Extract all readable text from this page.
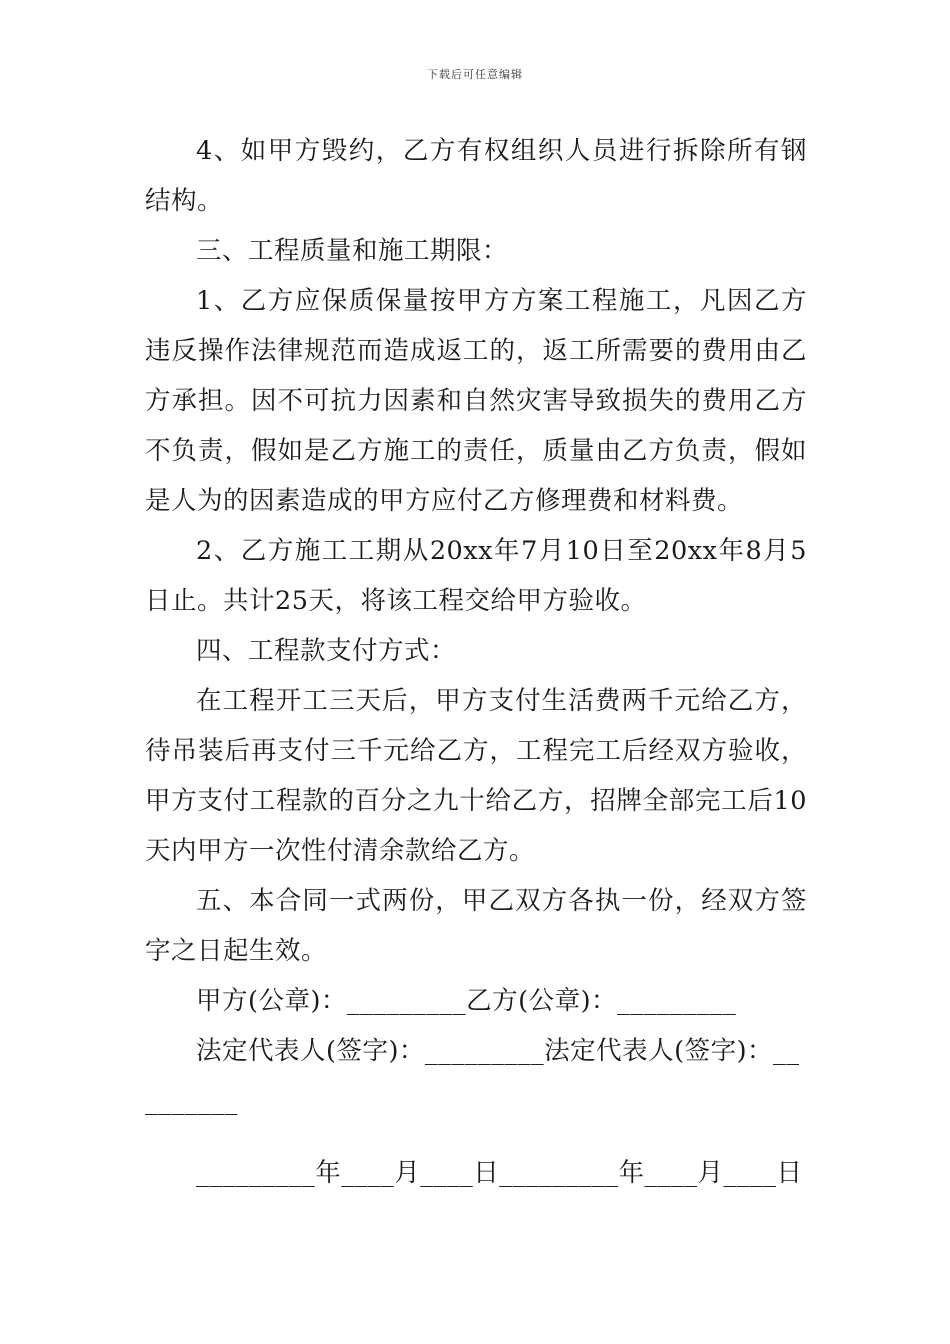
下载后可任意编辑

4、如甲方毁约，乙方有权组织人员进行拆除所有钢结构。

三、工程质量和施工期限：

1、乙方应保质保量按甲方方案工程施工，凡因乙方违反操作法律规范而造成返工的，返工所需要的费用由乙方承担。因不可抗力因素和自然灾害导致损失的费用乙方不负责，假如是乙方施工的责任，质量由乙方负责，假如是人为的因素造成的甲方应付乙方修理费和材料费。

2、乙方施工工期从20xx年7月10日至20xx年8月5日止。共计25天，将该工程交给甲方验收。

四、工程款支付方式：

在工程开工三天后，甲方支付生活费两千元给乙方，待吊装后再支付三千元给乙方，工程完工后经双方验收，甲方支付工程款的百分之九十给乙方，招牌全部完工后10天内甲方一次性付清余款给乙方。

五、本合同一式两份，甲乙双方各执一份，经双方签字之日起生效。

甲方(公章)：_________乙方(公章)：_________

法定代表人(签字)：_________法定代表人(签字)：_________

_________年____月____日_________年____月____日
